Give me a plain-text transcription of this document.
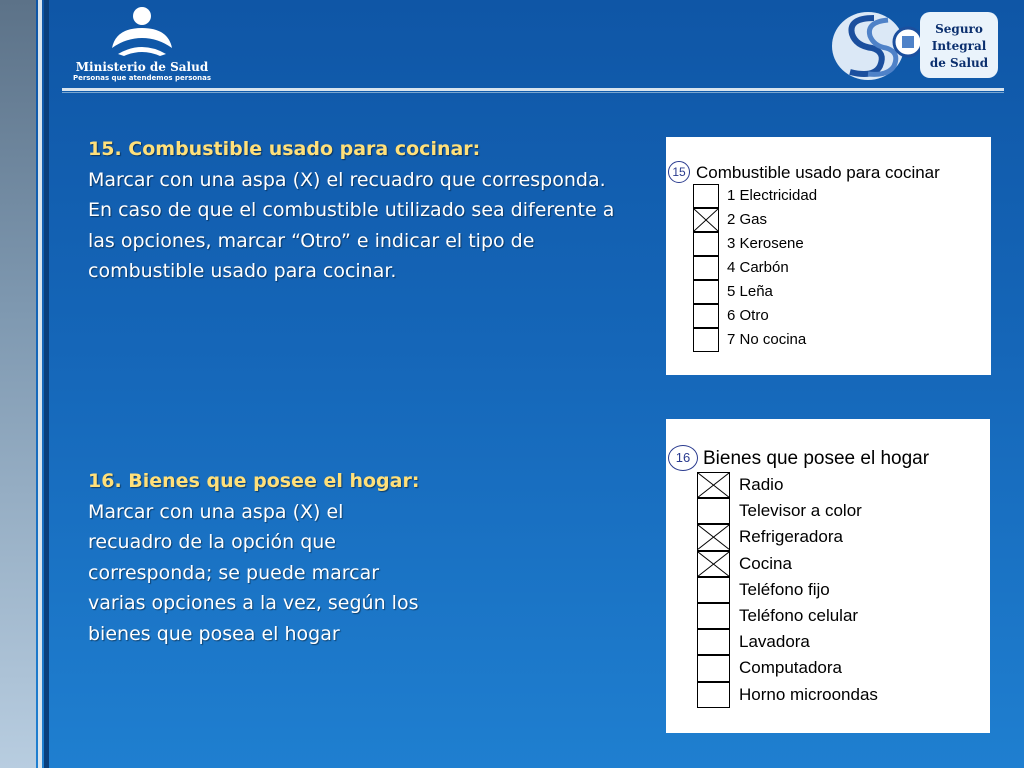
Ministerio de Salud
Personas que atendemos personas
Seguro
Integral
de Salud
15. Combustible usado para cocinar:
Marcar con una aspa (X) el recuadro que corresponda.
En caso de que el combustible utilizado sea diferente a las opciones, marcar “Otro” e indicar el tipo de combustible usado para cocinar.
16. Bienes que posee el hogar:
Marcar con una aspa (X) el
recuadro de la opción que
corresponda; se puede marcar
varias opciones a la vez, según los
bienes que posea el hogar
15 Combustible usado para cocinar
1 Electricidad
2 Gas
3 Kerosene
4 Carbón
5 Leña
6 Otro
7 No cocina
16 Bienes que posee el hogar
Radio
Televisor a color
Refrigeradora
Cocina
Teléfono fijo
Teléfono celular
Lavadora
Computadora
Horno microondas
